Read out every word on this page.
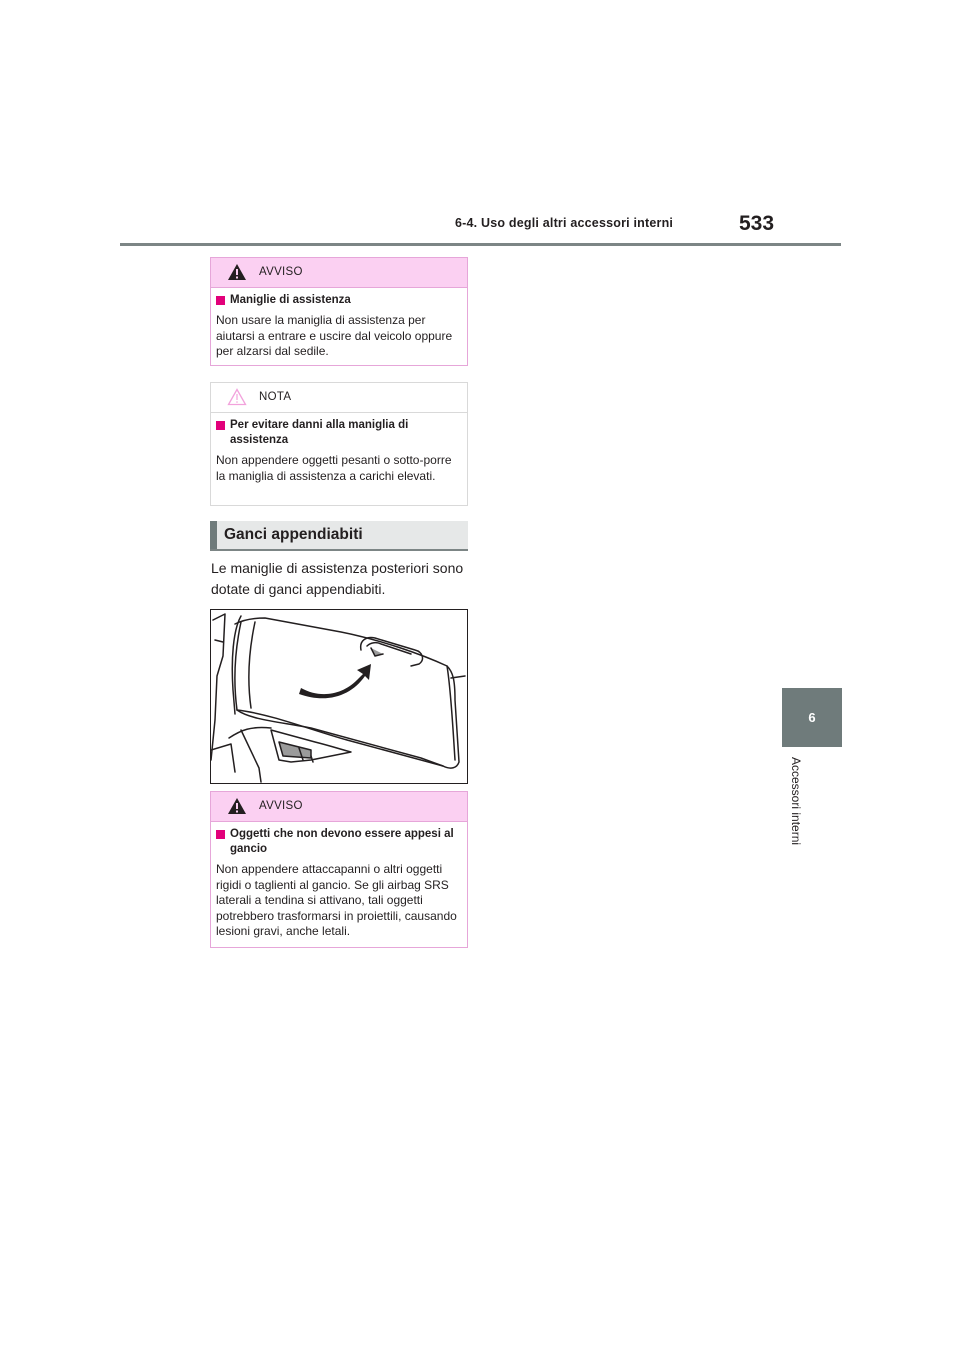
6-4. Uso degli altri accessori interni	533
6
Accessori interni
AVVISO
Maniglie di assistenza
Non usare la maniglia di assistenza per aiutarsi a entrare e uscire dal veicolo oppure per alzarsi dal sedile.
NOTA
Per evitare danni alla maniglia di assistenza
Non appendere oggetti pesanti o sotto-porre la maniglia di assistenza a carichi elevati.
Ganci appendiabiti
Le maniglie di assistenza posteriori sono dotate di ganci appendiabiti.
AVVISO
Oggetti che non devono essere appesi al gancio
Non appendere attaccapanni o altri oggetti rigidi o taglienti al gancio. Se gli airbag SRS laterali a tendina si attivano, tali oggetti potrebbero trasformarsi in proiettili, causando lesioni gravi, anche letali.
